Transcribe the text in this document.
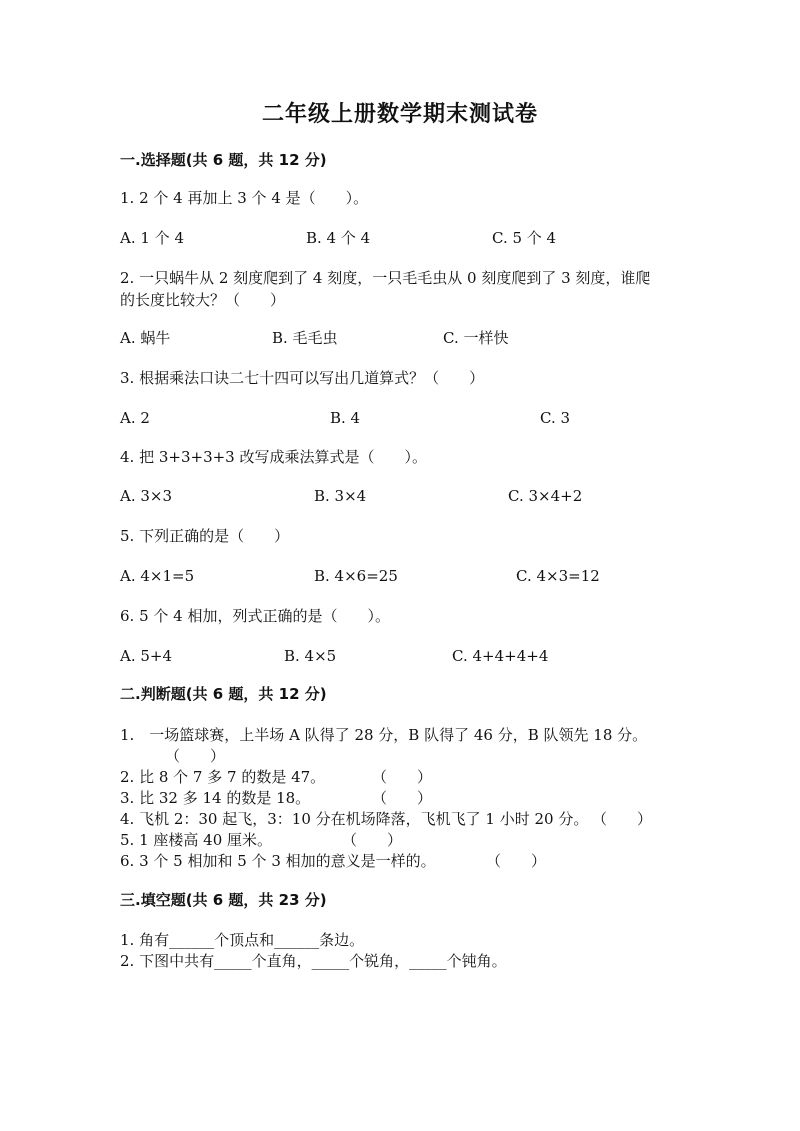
二年级上册数学期末测试卷
一.选择题(共 6 题，共 12 分)
1. 2 个 4 再加上 3 个 4 是（　　）。
A. 1 个 4	B. 4 个 4	C. 5 个 4
2. 一只蜗牛从 2 刻度爬到了 4 刻度，一只毛毛虫从 0 刻度爬到了 3 刻度，谁爬
的长度比较大？（　　）
A. 蜗牛	B. 毛毛虫	C. 一样快
3. 根据乘法口诀二七十四可以写出几道算式？（　　）
A. 2	B. 4	C. 3
4. 把 3+3+3+3 改写成乘法算式是（　　）。
A. 3×3	B. 3×4	C. 3×4+2
5. 下列正确的是（　　）
A. 4×1=5	B. 4×6=25	C. 4×3=12
6. 5 个 4 相加，列式正确的是（　　）。
A. 5+4	B. 4×5	C. 4+4+4+4
二.判断题(共 6 题，共 12 分)
1.　一场篮球赛，上半场 A 队得了 28 分，B 队得了 46 分，B 队领先 18 分。
（　　）
2. 比 8 个 7 多 7 的数是 47。	（　　）
3. 比 32 多 14 的数是 18。	（　　）
4. 飞机 2：30 起飞，3：10 分在机场降落，飞机飞了 1 小时 20 分。 （　　）
5. 1 座楼高 40 厘米。	（　　）
6. 3 个 5 相加和 5 个 3 相加的意义是一样的。	（　　）
三.填空题(共 6 题，共 23 分)
1. 角有______个顶点和______条边。
2. 下图中共有_____个直角，_____个锐角，_____个钝角。
